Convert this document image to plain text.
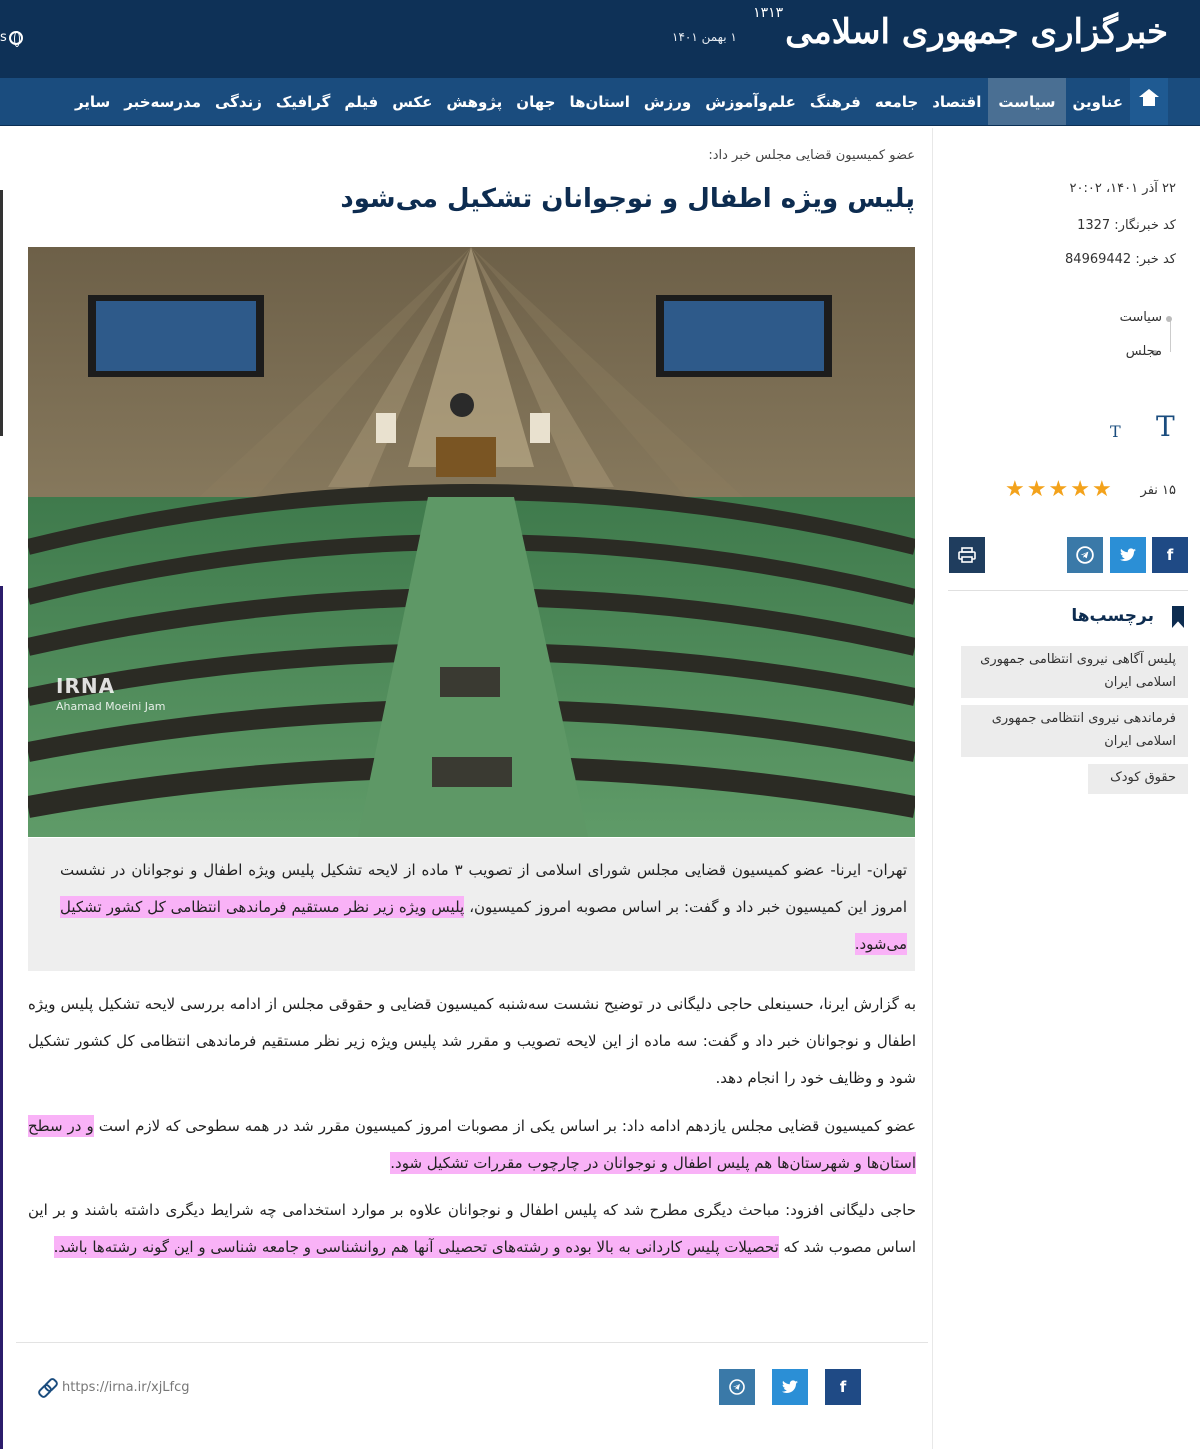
s	۱ بهمن ۱۴۰۱	خبرگزاری جمهوری اسلامی$^{۱۳۱۳}$
عناوین
سیاست
اقتصاد
جامعه
فرهنگ
علم‌وآموزش
ورزش
استان‌ها
جهان
پژوهش
عکس
فیلم
گرافیک
زندگی
مدرسه‌خبر
سایر
عضو کمیسیون قضایی مجلس خبر داد:
پلیس ویژه اطفال و نوجوانان تشکیل می‌شود
IRNA
Ahamad Moeini Jam
تهران- ایرنا- عضو کمیسیون قضایی مجلس شورای اسلامی از تصویب ۳ ماده از لایحه تشکیل پلیس ویژه اطفال و نوجوانان در نشست امروز این کمیسیون خبر داد و گفت: بر اساس مصوبه امروز کمیسیون، پلیس ویژه زیر نظر مستقیم فرماندهی انتظامی کل کشور تشکیل می‌شود.

به گزارش ایرنا، حسینعلی حاجی دلیگانی در توضیح نشست سه‌شنبه کمیسیون قضایی و حقوقی مجلس از ادامه بررسی لایحه تشکیل پلیس ویژه اطفال و نوجوانان خبر داد و گفت: سه ماده از این لایحه تصویب و مقرر شد پلیس ویژه زیر نظر مستقیم فرماندهی انتظامی کل کشور تشکیل شود و وظایف خود را انجام دهد.

عضو کمیسیون قضایی مجلس یازدهم ادامه داد: بر اساس یکی از مصوبات امروز کمیسیون مقرر شد در همه سطوحی که لازم است و در سطح استان‌ها و شهرستان‌ها هم پلیس اطفال و نوجوانان در چارچوب مقررات تشکیل شود.

حاجی دلیگانی افزود: مباحث دیگری مطرح شد که پلیس اطفال و نوجوانان علاوه بر موارد استخدامی چه شرایط دیگری داشته باشند و بر این اساس مصوب شد که تحصیلات پلیس کاردانی به بالا بوده و رشته‌های تحصیلی آنها هم روانشناسی و جامعه شناسی و این گونه رشته‌ها باشد.

f
https://irna.ir/xjLfcg
۲۲ آذر ۱۴۰۱، ۲۰:۰۲
کد خبرنگار: 1327
کد خبر: 84969442
سیاست
مجلس
T
T
۱۵ نفر
★ ★ ★ ★ ★
f
برچسب‌ها
پلیس آگاهی نیروی انتظامی جمهوری اسلامی ایران
فرماندهی نیروی انتظامی جمهوری اسلامی ایران
حقوق کودک
